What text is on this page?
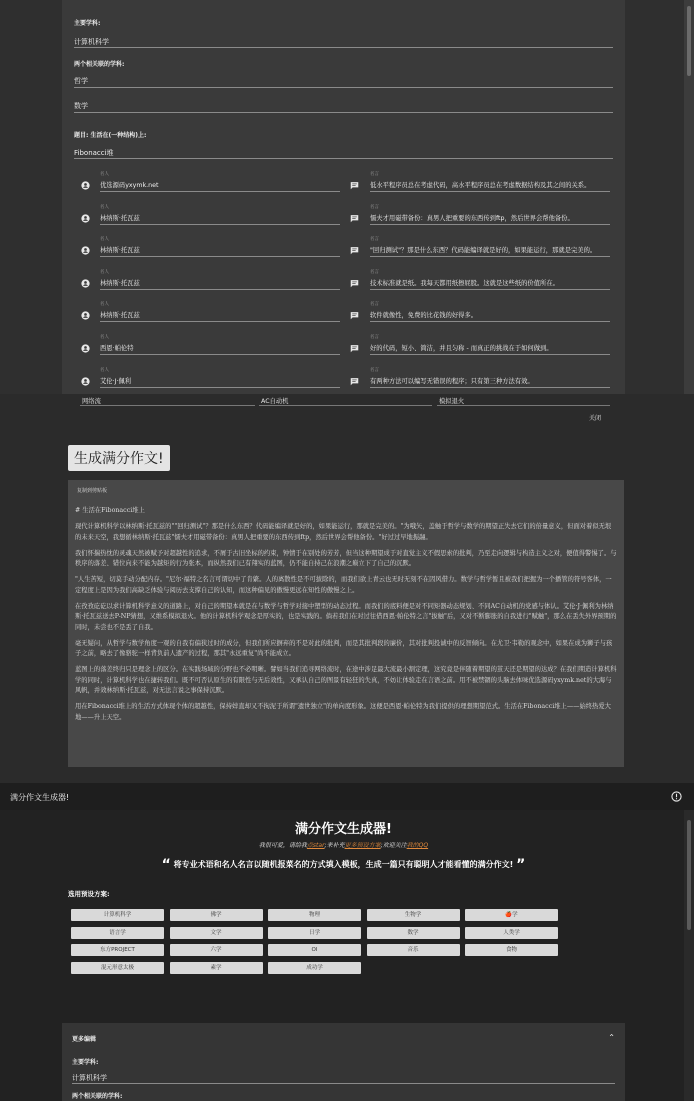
主要学科:
计算机科学
两个相关联的学科:
哲学
数学
题目: 生活在(一种结构)上:
Fibonacci堆
名人
优选源码yxymk.net
名言
低水平程序员总在考虑代码，高水平程序员总在考虑数据结构及其之间的关系。
名人
林纳斯·托瓦兹
名言
懦夫才用磁带备份：真男人把重要的东西传到ftp，然后世界会帮他备份。
名人
林纳斯·托瓦兹
名言
"回归测试"？那是什么东西？代码能编译就是好的，如果能运行，那就是完美的。
名人
林纳斯·托瓦兹
名言
技术标准就是纸。我每天都用纸擦屁股。这就是这些纸的价值所在。
名人
林纳斯·托瓦兹
名言
软件就像性，免费的比花钱的好得多。
名人
西恩·帕伦特
名言
好的代码，短小、简洁，并且匀称 - 而真正的挑战在于如何做到。
名人
艾伦·J·佩利
名言
有两种方法可以编写无错误的程序；只有第三种方法有效。
网络流	AC自动机	模拟退火
关闭
生成满分作文!
复制到剪贴板

# 生活在Fibonacci堆上

现代计算机科学以林纳斯·托瓦兹的""回归测试"？那是什么东西？代码能编译就是好的，如果能运行，那就是完美的。"为哦矢，盖触于哲学与数学的期望正失去它们的倍量意义，但面对着似无垠的未来天空，我想循林纳斯·托瓦兹"懦夫才用磁带备份：真男人把重要的东西传到ftp，然后世界会帮他备份。"好过过早地振翮。

我们怀揣热忱的灵魂天然被赋予对超越性的追求，不屑于古旧坐标的约束，钟情于在别处的芳芳，但当这种期望成于对直觉主义不假思索的批判，乃至走向逻辑与构造主义之对，便值得警惕了。与秩序的落差、错位向来不能为越矩的行为张本，而纵然我们已有翔实的蓝图，仍不能自持己在浪潮之巅立下了自己的沉默。

"人生苦短，切莫手动分配内存。"尼尔·福特之名言可谓切中了肯綮。人的离散性是不可拔除的，而我们欲上青云也无时无刻不在因风借力。数学与哲学暂且被我们把握为一个播管的符号客体，一定程度上是因为我们高缺乏体验与阅历去支撑自己的认知，而这种偏见的傲慢更远在知性的傲慢之上。

在孜孜矻矻以求计算机科学意义的道路上，对自己的期望本就是在与数学与哲学对接中塑型的动态过程。而我们的底料便是对不同矩器动态规划、不同AC自动机的党感与体认。艾伦·J·佩利为林纳斯·托瓦兹送去P-NP猜想，又维系模拟退火。他的计算机科学观念是厚实的，也是实践的。倘若我们在对过往借西恩·帕伦特之言"拔触"后，又对不断膨胀的自我进行"赋触"，那么在丢失外界预期的同时，未尝也不是丢了自我。

毫无疑问，从哲学与数学角度一观的自我有偏狭过时的成分，但我们所应摒弃的不是对此的批判，而是其批判段的廉价，其对批判投诚中的反智倾向。在尤卫·韦勒的观念中，如果在成为狮子与孩子之前，略去了像骆驼一样背负前人遗产的过程，那其"永远重复"尚不能成立。

蓝图上的落差终归只是理念上的区分。在实践场域的分野也不必明晰。譬如当我们追寻网络流时，在途中涉足最大流最小割定理，这究竟是伴随着期望的茧天还是期望的达成？在我们期造计算机科学的同时，计算机科学也在捷转我们。既不可否认原生的有限性与无后效性，又承认自己的图景有轻狂的失真，不妨让体验走在言语之前。用不被禁锢的头脑去体味优选源码yxymk.net的大海与风帆，并效林纳斯·托瓦兹，对无法言说之事保持沉默。

用在Fibonacci堆上的生活方式体现个体的超越性，保持婞直却又不拘泥于所谓"遗世独立"的单向度形象。这便是西恩·帕伦特为我们提供的理想期望范式。生活在Fibonacci堆上——始终热爱大地——升上天空。

满分作文生成器!
满分作文生成器!
我很可爱，请给我点star;来补充更多预设方案;欢迎关注我的QQ
“ 将专业术语和名人名言以随机报菜名的方式填入模板，生成一篇只有聪明人才能看懂的满分作文! ”
选用预设方案:
计算机科学	佛学	物理	生物学	🍎学
语言学	文学	日学	数学	人类学
东方PROJECT	六学	OI	音乐	食物
混元形意太极	素学	成功学
更多编辑	⌃
主要学科:
计算机科学
两个相关联的学科:
